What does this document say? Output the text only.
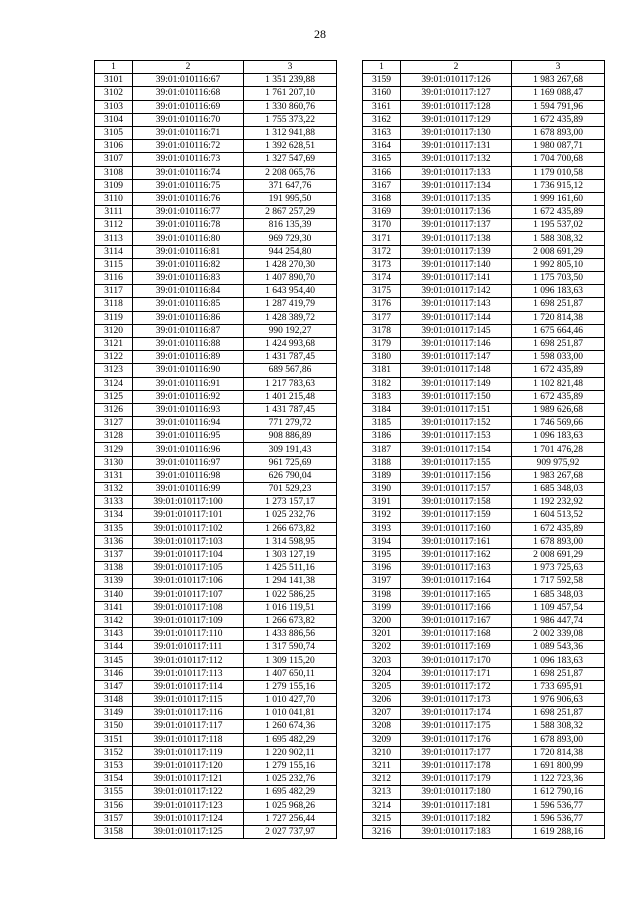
28
1	2	3
3101	39:01:010116:67	1 351 239,88
3102	39:01:010116:68	1 761 207,10
3103	39:01:010116:69	1 330 860,76
3104	39:01:010116:70	1 755 373,22
3105	39:01:010116:71	1 312 941,88
3106	39:01:010116:72	1 392 628,51
3107	39:01:010116:73	1 327 547,69
3108	39:01:010116:74	2 208 065,76
3109	39:01:010116:75	371 647,76
3110	39:01:010116:76	191 995,50
3111	39:01:010116:77	2 867 257,29
3112	39:01:010116:78	816 135,39
3113	39:01:010116:80	969 729,30
3114	39:01:010116:81	944 254,80
3115	39:01:010116:82	1 428 270,30
3116	39:01:010116:83	1 407 890,70
3117	39:01:010116:84	1 643 954,40
3118	39:01:010116:85	1 287 419,79
3119	39:01:010116:86	1 428 389,72
3120	39:01:010116:87	990 192,27
3121	39:01:010116:88	1 424 993,68
3122	39:01:010116:89	1 431 787,45
3123	39:01:010116:90	689 567,86
3124	39:01:010116:91	1 217 783,63
3125	39:01:010116:92	1 401 215,48
3126	39:01:010116:93	1 431 787,45
3127	39:01:010116:94	771 279,72
3128	39:01:010116:95	908 886,89
3129	39:01:010116:96	309 191,43
3130	39:01:010116:97	961 725,69
3131	39:01:010116:98	626 790,04
3132	39:01:010116:99	701 529,23
3133	39:01:010117:100	1 273 157,17
3134	39:01:010117:101	1 025 232,76
3135	39:01:010117:102	1 266 673,82
3136	39:01:010117:103	1 314 598,95
3137	39:01:010117:104	1 303 127,19
3138	39:01:010117:105	1 425 511,16
3139	39:01:010117:106	1 294 141,38
3140	39:01:010117:107	1 022 586,25
3141	39:01:010117:108	1 016 119,51
3142	39:01:010117:109	1 266 673,82
3143	39:01:010117:110	1 433 886,56
3144	39:01:010117:111	1 317 590,74
3145	39:01:010117:112	1 309 115,20
3146	39:01:010117:113	1 407 650,11
3147	39:01:010117:114	1 279 155,16
3148	39:01:010117:115	1 010 427,70
3149	39:01:010117:116	1 010 041,81
3150	39:01:010117:117	1 260 674,36
3151	39:01:010117:118	1 695 482,29
3152	39:01:010117:119	1 220 902,11
3153	39:01:010117:120	1 279 155,16
3154	39:01:010117:121	1 025 232,76
3155	39:01:010117:122	1 695 482,29
3156	39:01:010117:123	1 025 968,26
3157	39:01:010117:124	1 727 256,44
3158	39:01:010117:125	2 027 737,97
1	2	3
3159	39:01:010117:126	1 983 267,68
3160	39:01:010117:127	1 169 088,47
3161	39:01:010117:128	1 594 791,96
3162	39:01:010117:129	1 672 435,89
3163	39:01:010117:130	1 678 893,00
3164	39:01:010117:131	1 980 087,71
3165	39:01:010117:132	1 704 700,68
3166	39:01:010117:133	1 179 010,58
3167	39:01:010117:134	1 736 915,12
3168	39:01:010117:135	1 999 161,60
3169	39:01:010117:136	1 672 435,89
3170	39:01:010117:137	1 195 537,02
3171	39:01:010117:138	1 588 308,32
3172	39:01:010117:139	2 008 691,29
3173	39:01:010117:140	1 992 805,10
3174	39:01:010117:141	1 175 703,50
3175	39:01:010117:142	1 096 183,63
3176	39:01:010117:143	1 698 251,87
3177	39:01:010117:144	1 720 814,38
3178	39:01:010117:145	1 675 664,46
3179	39:01:010117:146	1 698 251,87
3180	39:01:010117:147	1 598 033,00
3181	39:01:010117:148	1 672 435,89
3182	39:01:010117:149	1 102 821,48
3183	39:01:010117:150	1 672 435,89
3184	39:01:010117:151	1 989 626,68
3185	39:01:010117:152	1 746 569,66
3186	39:01:010117:153	1 096 183,63
3187	39:01:010117:154	1 701 476,28
3188	39:01:010117:155	909 975,92
3189	39:01:010117:156	1 983 267,68
3190	39:01:010117:157	1 685 348,03
3191	39:01:010117:158	1 192 232,92
3192	39:01:010117:159	1 604 513,52
3193	39:01:010117:160	1 672 435,89
3194	39:01:010117:161	1 678 893,00
3195	39:01:010117:162	2 008 691,29
3196	39:01:010117:163	1 973 725,63
3197	39:01:010117:164	1 717 592,58
3198	39:01:010117:165	1 685 348,03
3199	39:01:010117:166	1 109 457,54
3200	39:01:010117:167	1 986 447,74
3201	39:01:010117:168	2 002 339,08
3202	39:01:010117:169	1 089 543,36
3203	39:01:010117:170	1 096 183,63
3204	39:01:010117:171	1 698 251,87
3205	39:01:010117:172	1 733 695,91
3206	39:01:010117:173	1 976 906,63
3207	39:01:010117:174	1 698 251,87
3208	39:01:010117:175	1 588 308,32
3209	39:01:010117:176	1 678 893,00
3210	39:01:010117:177	1 720 814,38
3211	39:01:010117:178	1 691 800,99
3212	39:01:010117:179	1 122 723,36
3213	39:01:010117:180	1 612 790,16
3214	39:01:010117:181	1 596 536,77
3215	39:01:010117:182	1 596 536,77
3216	39:01:010117:183	1 619 288,16
